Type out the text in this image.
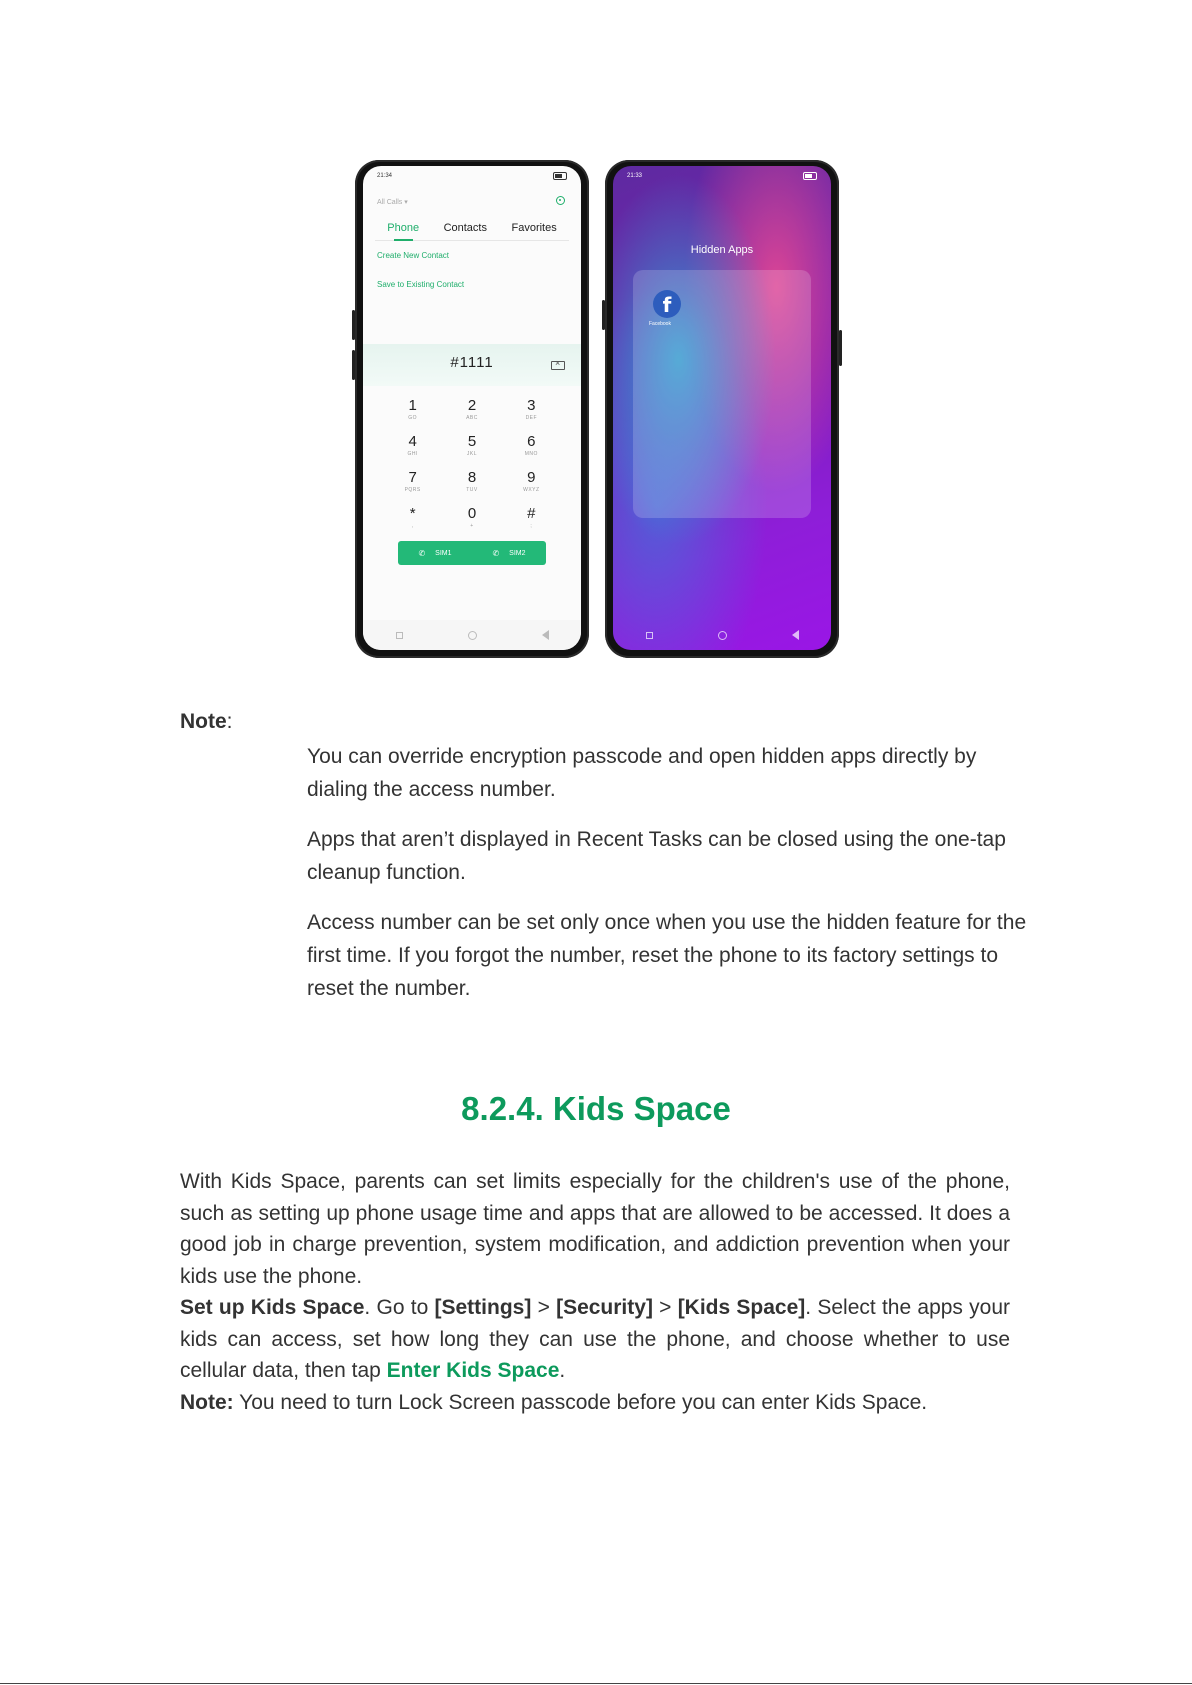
21:34
All Calls ▾
Phone Contacts Favorites
Create New Contact
Save to Existing Contact
#1111
×
1
GO
2
ABC
3
DEF
4
GHI
5
JKL
6
MNO
7
PQRS
8
TUV
9
WXYZ
*
,
0
+
#
;
✆ SIM1	✆ SIM2
21:33
Hidden Apps
f
Facebook
Note:
You can override encryption passcode and open hidden apps directly by dialing the access number.
Apps that aren’t displayed in Recent Tasks can be closed using the one-tap cleanup function.
Access number can be set only once when you use the hidden feature for the first time. If you forgot the number, reset the phone to its factory settings to reset the number.
8.2.4. Kids Space

With Kids Space, parents can set limits especially for the children's use of the phone, such as setting up phone usage time and apps that are allowed to be accessed. It does a good job in charge prevention, system modification, and addiction prevention when your kids use the phone.

Set up Kids Space. Go to [Settings] > [Security] > [Kids Space]. Select the apps your kids can access, set how long they can use the phone, and choose whether to use cellular data, then tap Enter Kids Space.

Note: You need to turn Lock Screen passcode before you can enter Kids Space.
